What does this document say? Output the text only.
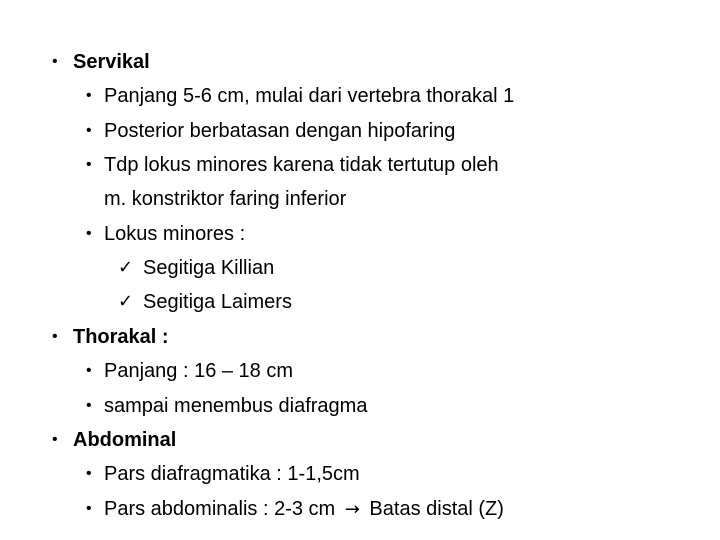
• Servikal
• Panjang 5-6 cm, mulai dari vertebra thorakal 1
• Posterior berbatasan dengan hipofaring
• Tdp lokus minores karena tidak tertutup oleh
m. konstriktor faring inferior
• Lokus minores :
✓ Segitiga Killian
✓ Segitiga Laimers
• Thorakal :
• Panjang : 16 – 18 cm
• sampai menembus diafragma
• Abdominal
• Pars diafragmatika : 1-1,5cm
• Pars abdominalis : 2-3 cm → Batas distal (Z)
